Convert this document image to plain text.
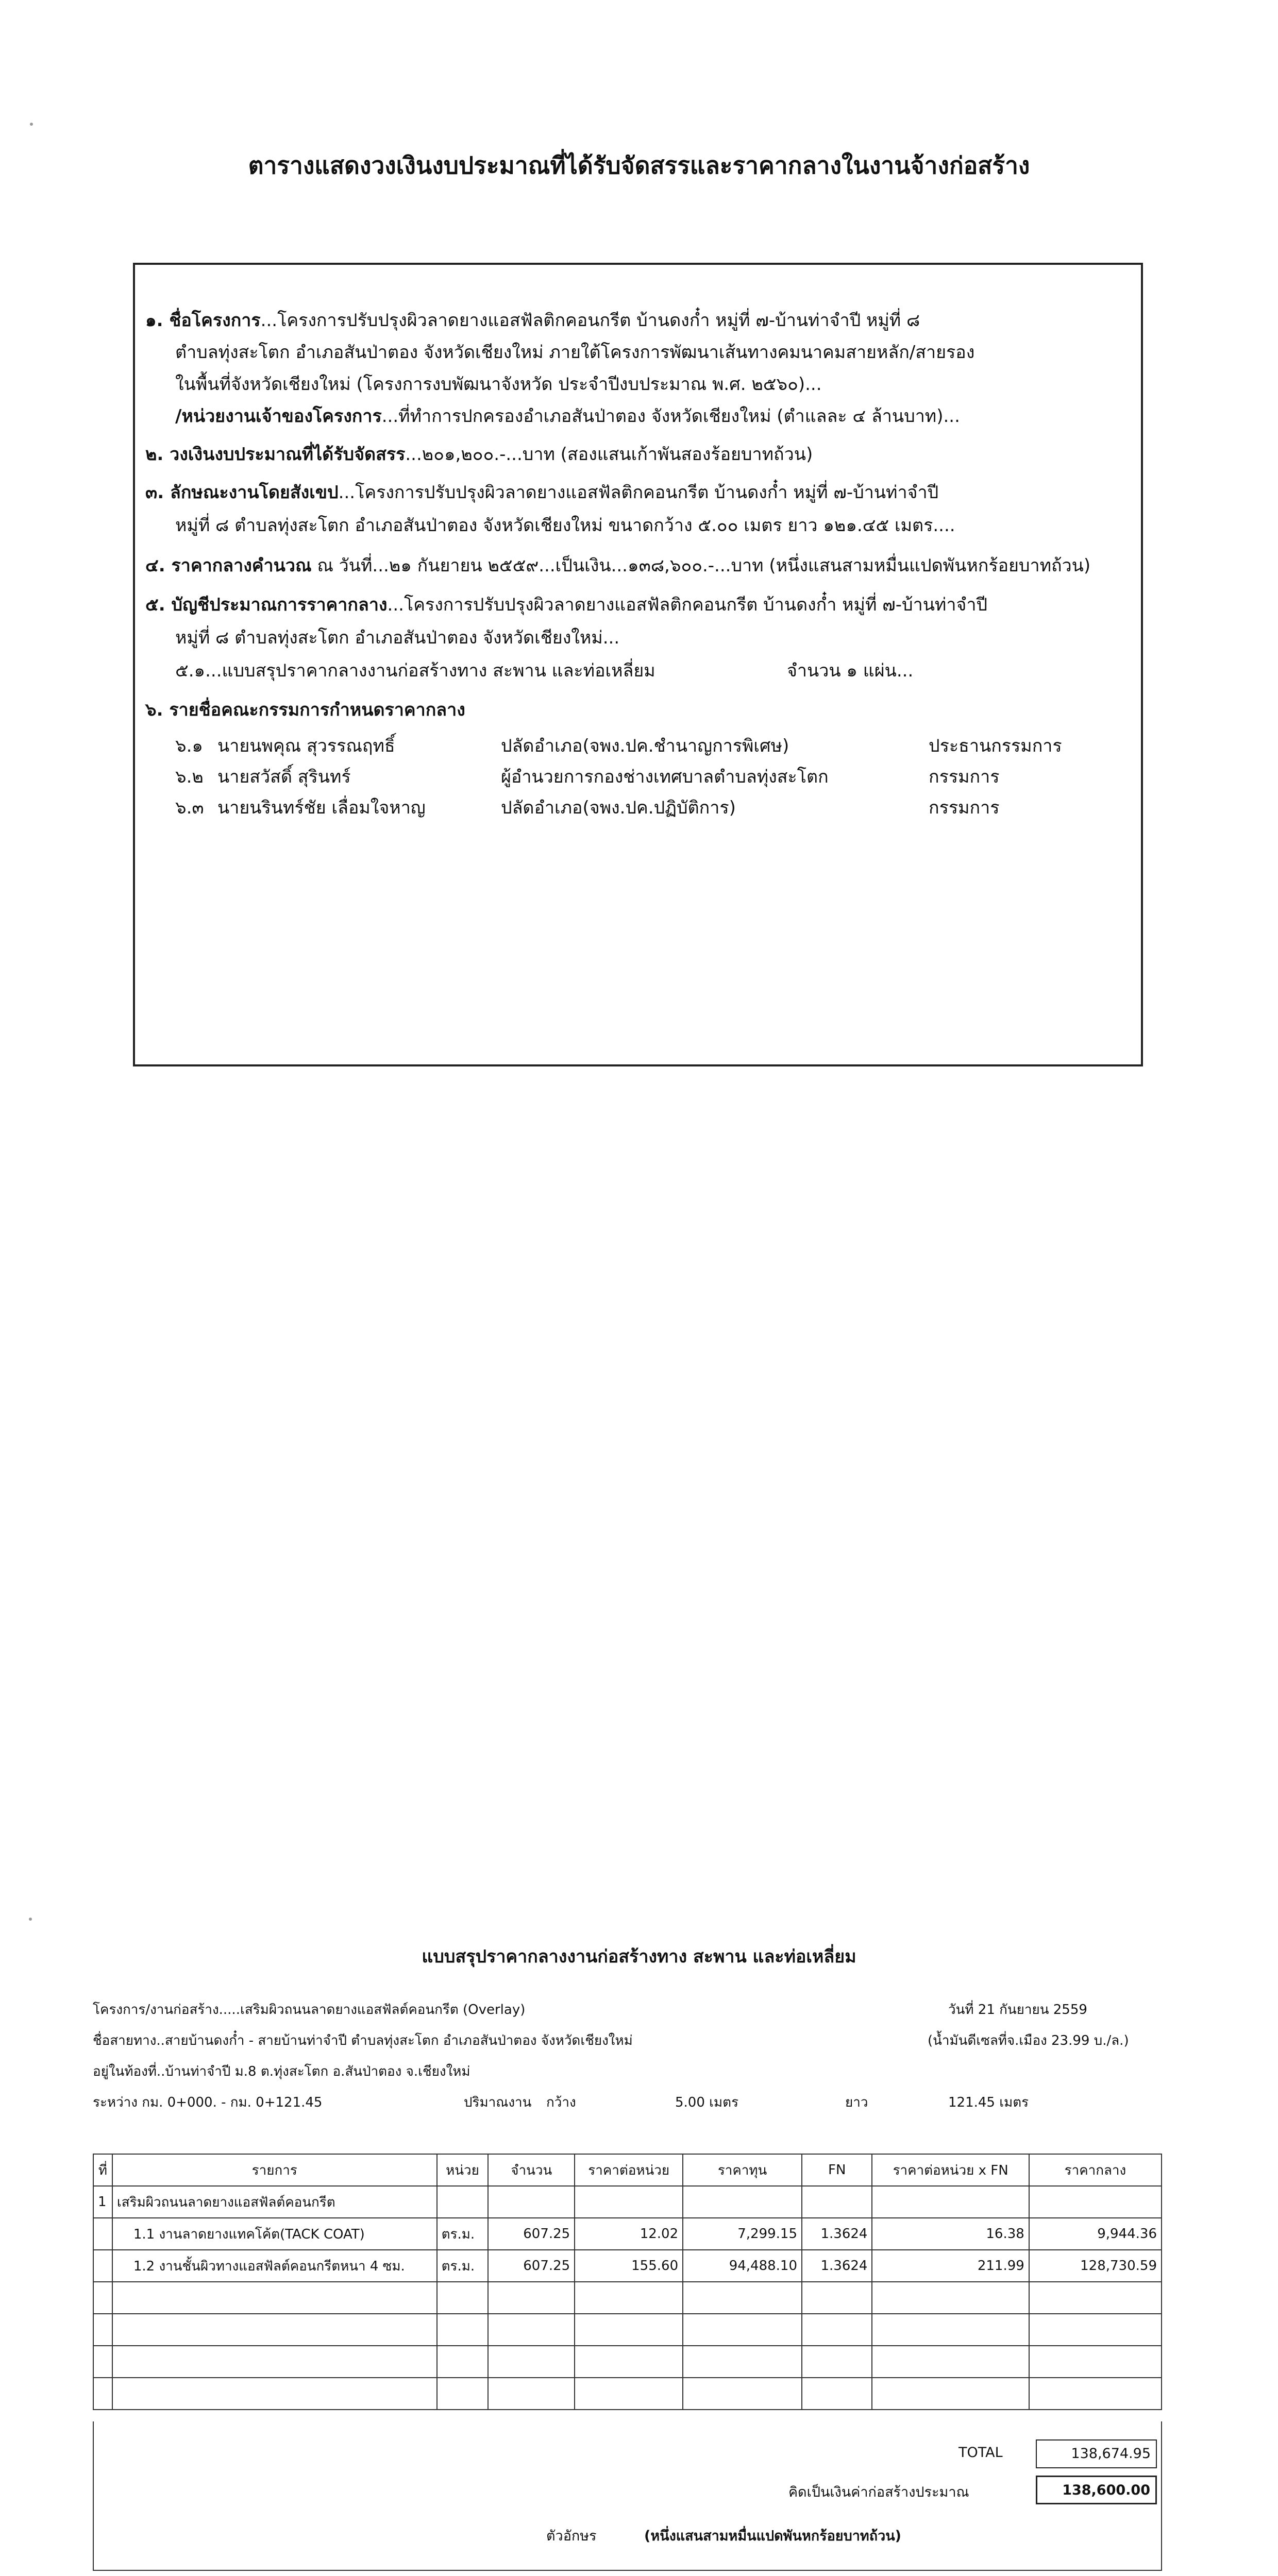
ตารางแสดงวงเงินงบประมาณที่ได้รับจัดสรรและราคากลางในงานจ้างก่อสร้าง
๑. ชื่อโครงการ...โครงการปรับปรุงผิวลาดยางแอสฟัลติกคอนกรีต บ้านดงก๋ำ หมู่ที่ ๗-บ้านท่าจำปี หมู่ที่ ๘
ตำบลทุ่งสะโตก อำเภอสันป่าตอง จังหวัดเชียงใหม่ ภายใต้โครงการพัฒนาเส้นทางคมนาคมสายหลัก/สายรอง
ในพื้นที่จังหวัดเชียงใหม่ (โครงการงบพัฒนาจังหวัด ประจำปีงบประมาณ พ.ศ. ๒๕๖๐)...
/หน่วยงานเจ้าของโครงการ...ที่ทำการปกครองอำเภอสันป่าตอง จังหวัดเชียงใหม่ (ตำแลละ ๔ ล้านบาท)...
๒. วงเงินงบประมาณที่ได้รับจัดสรร...๒๐๑,๒๐๐.-...บาท (สองแสนเก้าพันสองร้อยบาทถ้วน)
๓. ลักษณะงานโดยสังเขป...โครงการปรับปรุงผิวลาดยางแอสฟัลติกคอนกรีต บ้านดงก๋ำ หมู่ที่ ๗-บ้านท่าจำปี
หมู่ที่ ๘ ตำบลทุ่งสะโตก อำเภอสันป่าตอง จังหวัดเชียงใหม่ ขนาดกว้าง ๕.๐๐ เมตร ยาว ๑๒๑.๔๕ เมตร....
๔. ราคากลางคำนวณ ณ วันที่...๒๑ กันยายน ๒๕๕๙...เป็นเงิน...๑๓๘,๖๐๐.-...บาท (หนึ่งแสนสามหมื่นแปดพันหกร้อยบาทถ้วน)
๕. บัญชีประมาณการราคากลาง...โครงการปรับปรุงผิวลาดยางแอสฟัลติกคอนกรีต บ้านดงก๋ำ หมู่ที่ ๗-บ้านท่าจำปี
หมู่ที่ ๘ ตำบลทุ่งสะโตก อำเภอสันป่าตอง จังหวัดเชียงใหม่...
๕.๑...แบบสรุปราคากลางงานก่อสร้างทาง สะพาน และท่อเหลี่ยม	จำนวน ๑ แผ่น...
๖. รายชื่อคณะกรรมการกำหนดราคากลาง
๖.๑ นายนพคุณ สุวรรณฤทธิ์	ปลัดอำเภอ(จพง.ปค.ชำนาญการพิเศษ)	ประธานกรรมการ
๖.๒ นายสวัสดิ์ สุรินทร์	ผู้อำนวยการกองช่างเทศบาลตำบลทุ่งสะโตก	กรรมการ
๖.๓ นายนรินทร์ชัย เลื่อมใจหาญ	ปลัดอำเภอ(จพง.ปค.ปฏิบัติการ)	กรรมการ
แบบสรุปราคากลางงานก่อสร้างทาง สะพาน และท่อเหลี่ยม
โครงการ/งานก่อสร้าง.....เสริมผิวถนนลาดยางแอสฟัลต์คอนกรีต (Overlay)	วันที่ 21 กันยายน 2559
ชื่อสายทาง..สายบ้านดงก๋ำ - สายบ้านท่าจำปี ตำบลทุ่งสะโตก อำเภอสันป่าตอง จังหวัดเชียงใหม่	(น้ำมันดีเซลที่จ.เมือง 23.99 บ./ล.)
อยู่ในท้องที่..บ้านท่าจำปี ม.8 ต.ทุ่งสะโตก อ.สันป่าตอง จ.เชียงใหม่
ระหว่าง กม. 0+000. - กม. 0+121.45	ปริมาณงาน กว้าง	5.00 เมตร	ยาว	121.45 เมตร
ที่	รายการ	หน่วย	จำนวน	ราคาต่อหน่วย	ราคาทุน	FN	ราคาต่อหน่วย x FN	ราคากลาง
1	เสริมผิวถนนลาดยางแอสฟัลต์คอนกรีต							
	1.1 งานลาดยางแทคโค้ต(TACK COAT)	ตร.ม.	607.25	12.02	7,299.15	1.3624	16.38	9,944.36
	1.2 งานชั้นผิวทางแอสฟัลต์คอนกรีตหนา 4 ซม.	ตร.ม.	607.25	155.60	94,488.10	1.3624	211.99	128,730.59

TOTAL	138,674.95
คิดเป็นเงินค่าก่อสร้างประมาณ	138,600.00
ตัวอักษร	(หนึ่งแสนสามหมื่นแปดพันหกร้อยบาทถ้วน)
